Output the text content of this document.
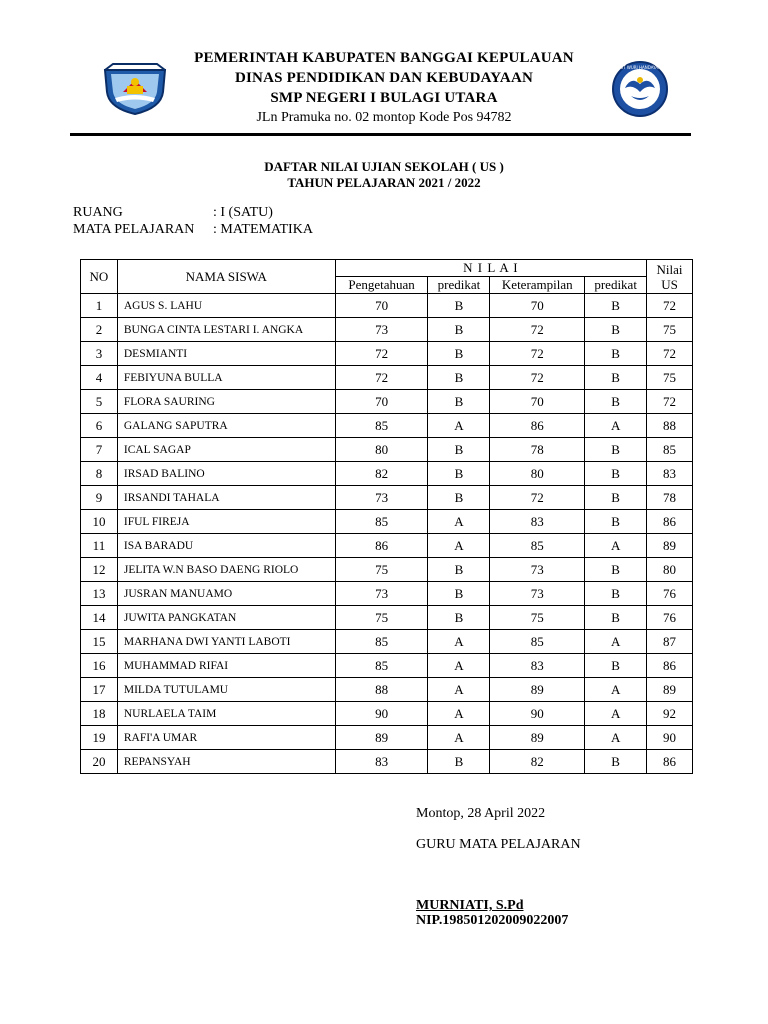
TUT WURI HANDAYANI
PEMERINTAH KABUPATEN BANGGAI KEPULAUAN
DINAS PENDIDIKAN DAN KEBUDAYAAN
SMP NEGERI I BULAGI UTARA
JLn Pramuka no. 02 montop Kode Pos 94782
DAFTAR NILAI UJIAN SEKOLAH ( US )
TAHUN PELAJARAN 2021 / 2022
RUANG	: I (SATU)
MATA PELAJARAN : MATEMATIKA
NO	NAMA SISWA	N I L A I				Nilai
US

		Pengetahuan	predikat	Keterampilan	predikat	
1	AGUS S. LAHU	70	B	70	B	72
2	BUNGA CINTA LESTARI I. ANGKA	73	B	72	B	75
3	DESMIANTI	72	B	72	B	72
4	FEBIYUNA BULLA	72	B	72	B	75
5	FLORA SAURING	70	B	70	B	72
6	GALANG SAPUTRA	85	A	86	A	88
7	ICAL SAGAP	80	B	78	B	85
8	IRSAD BALINO	82	B	80	B	83
9	IRSANDI TAHALA	73	B	72	B	78
10	IFUL FIREJA	85	A	83	B	86
11	ISA BARADU	86	A	85	A	89
12	JELITA W.N BASO DAENG RIOLO	75	B	73	B	80
13	JUSRAN MANUAMO	73	B	73	B	76
14	JUWITA PANGKATAN	75	B	75	B	76
15	MARHANA DWI YANTI LABOTI	85	A	85	A	87
16	MUHAMMAD RIFAI	85	A	83	B	86
17	MILDA TUTULAMU	88	A	89	A	89
18	NURLAELA TAIM	90	A	90	A	92
19	RAFI'A UMAR	89	A	89	A	90
20	REPANSYAH	83	B	82	B	86
Montop, 28 April 2022
GURU MATA PELAJARAN
MURNIATI, S.Pd
NIP.198501202009022007
